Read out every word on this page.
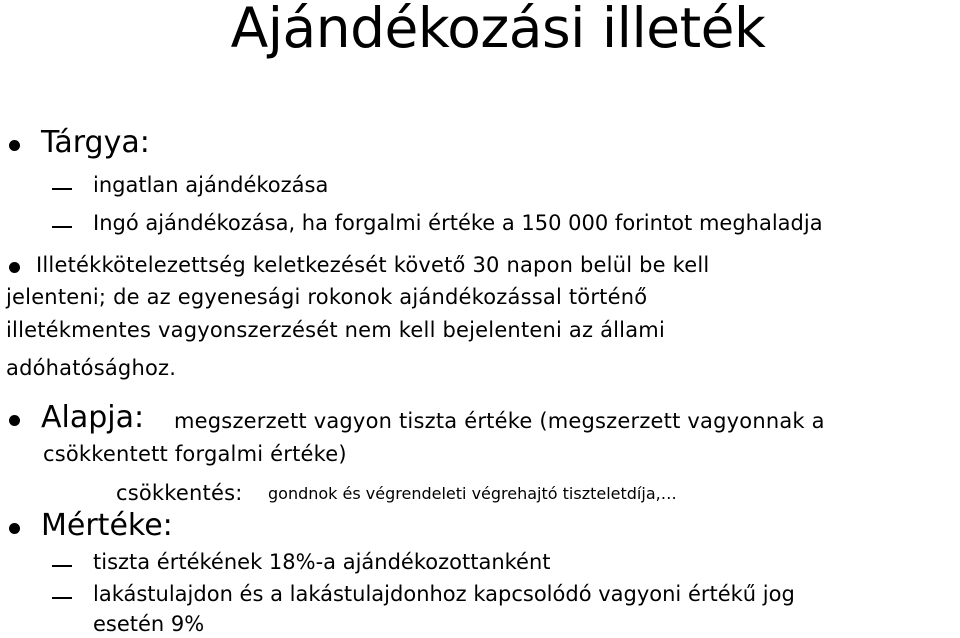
Ajándékozási illeték
Tárgya:
ingatlan ajándékozása
Ingó ajándékozása, ha forgalmi értéke a 150 000 forintot meghaladja
Illetékkötelezettség keletkezését követő 30 napon belül be kell
jelenteni; de az egyenesági rokonok ajándékozással történő
illetékmentes vagyonszerzését nem kell bejelenteni az állami
adóhatósághoz.
Alapja: megszerzett vagyon tiszta értéke (megszerzett vagyonnak a
csökkentett forgalmi értéke)
csökkentés: gondnok és végrendeleti végrehajtó tiszteletdíja,…
Mértéke:
tiszta értékének 18%-a ajándékozottanként
lakástulajdon és a lakástulajdonhoz kapcsolódó vagyoni értékű jog
esetén 9%
